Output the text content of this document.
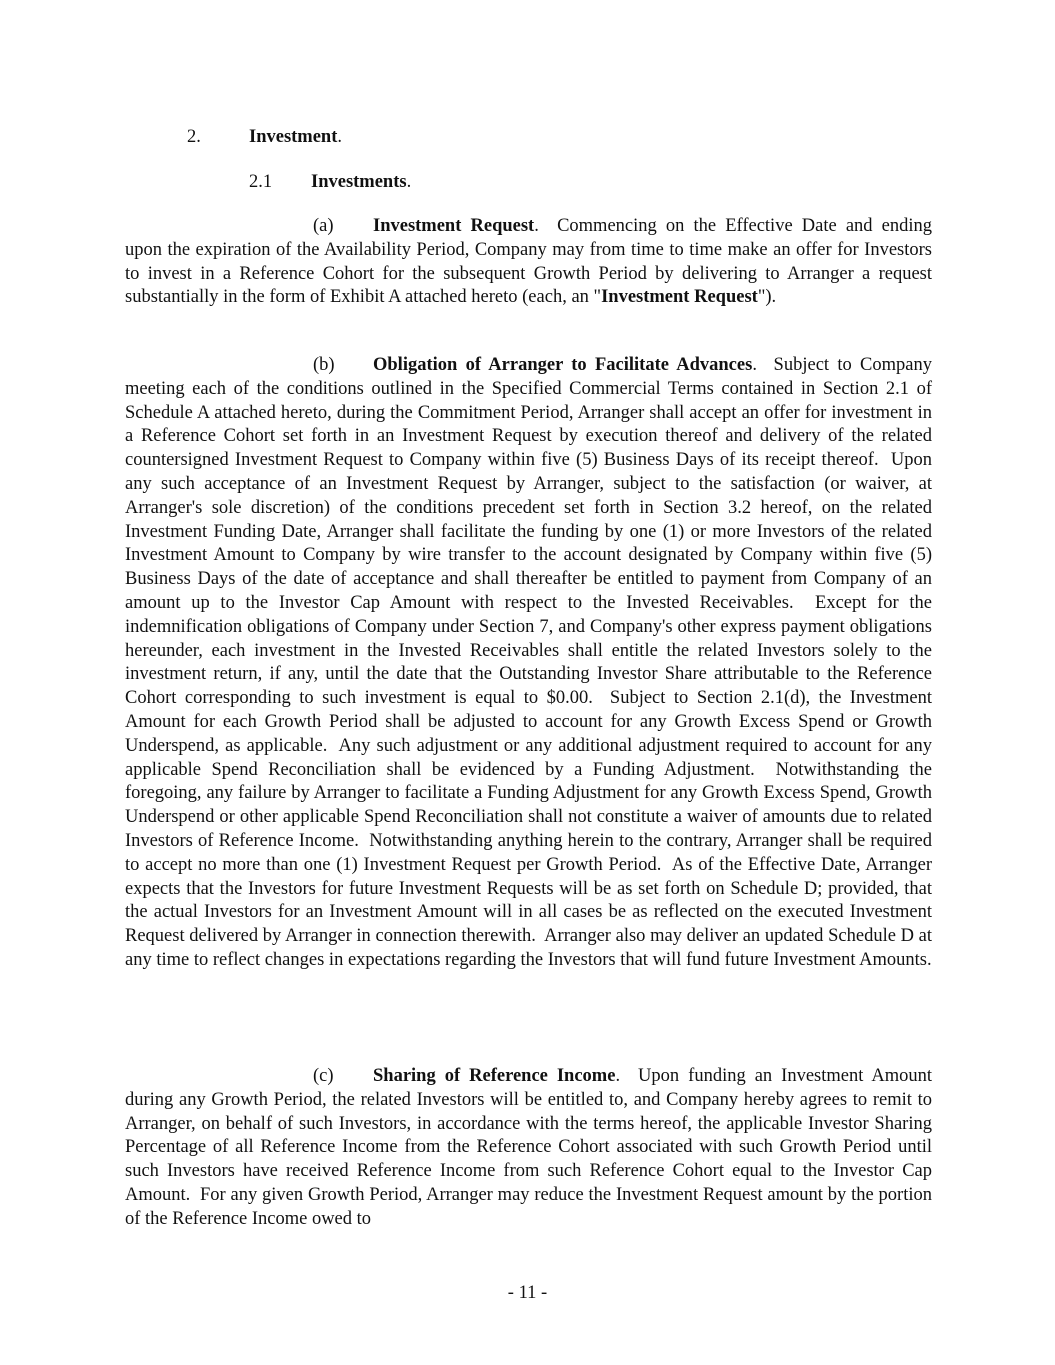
2.	Investment.
2.1 Investments.

(a) Investment Request.  Commencing on the Effective Date and ending upon the expiration of the Availability Period, Company may from time to time make an offer for Investors to invest in a Reference Cohort for the subsequent Growth Period by delivering to Arranger a request substantially in the form of Exhibit A attached hereto (each, an "Investment Request").

(b) Obligation of Arranger to Facilitate Advances.  Subject to Company meeting each of the conditions outlined in the Specified Commercial Terms contained in Section 2.1 of Schedule A attached hereto, during the Commitment Period, Arranger shall accept an offer for investment in a Reference Cohort set forth in an Investment Request by execution thereof and delivery of the related countersigned Investment Request to Company within five (5) Business Days of its receipt thereof.  Upon any such acceptance of an Investment Request by Arranger, subject to the satisfaction (or waiver, at Arranger's sole discretion) of the conditions precedent set forth in Section 3.2 hereof, on the related Investment Funding Date, Arranger shall facilitate the funding by one (1) or more Investors of the related Investment Amount to Company by wire transfer to the account designated by Company within five (5) Business Days of the date of acceptance and shall thereafter be entitled to payment from Company of an amount up to the Investor Cap Amount with respect to the Invested Receivables.  Except for the indemnification obligations of Company under Section 7, and Company's other express payment obligations hereunder, each investment in the Invested Receivables shall entitle the related Investors solely to the investment return, if any, until the date that the Outstanding Investor Share attributable to the Reference Cohort corresponding to such investment is equal to $0.00.  Subject to Section 2.1(d), the Investment Amount for each Growth Period shall be adjusted to account for any Growth Excess Spend or Growth Underspend, as applicable.  Any such adjustment or any additional adjustment required to account for any applicable Spend Reconciliation shall be evidenced by a Funding Adjustment.  Notwithstanding the foregoing, any failure by Arranger to facilitate a Funding Adjustment for any Growth Excess Spend, Growth Underspend or other applicable Spend Reconciliation shall not constitute a waiver of amounts due to related Investors of Reference Income.  Notwithstanding anything herein to the contrary, Arranger shall be required to accept no more than one (1) Investment Request per Growth Period.  As of the Effective Date, Arranger expects that the Investors for future Investment Requests will be as set forth on Schedule D; provided, that the actual Investors for an Investment Amount will in all cases be as reflected on the executed Investment Request delivered by Arranger in connection therewith.  Arranger also may deliver an updated Schedule D at any time to reflect changes in expectations regarding the Investors that will fund future Investment Amounts.

(c) Sharing of Reference Income.  Upon funding an Investment Amount during any Growth Period, the related Investors will be entitled to, and Company hereby agrees to remit to Arranger, on behalf of such Investors, in accordance with the terms hereof, the applicable Investor Sharing Percentage of all Reference Income from the Reference Cohort associated with such Growth Period until such Investors have received Reference Income from such Reference Cohort equal to the Investor Cap Amount.  For any given Growth Period, Arranger may reduce the Investment Request amount by the portion of the Reference Income owed to

- 11 -
